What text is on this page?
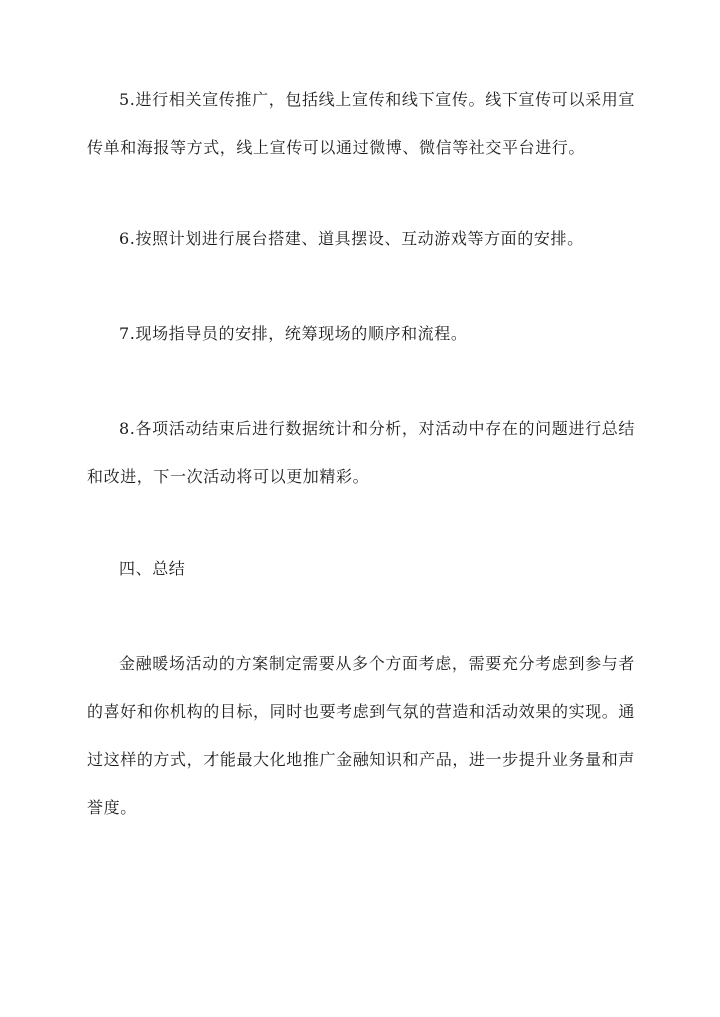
5.进行相关宣传推广，包括线上宣传和线下宣传。线下宣传可以采用宣传单和海报等方式，线上宣传可以通过微博、微信等社交平台进行。

6.按照计划进行展台搭建、道具摆设、互动游戏等方面的安排。

7.现场指导员的安排，统筹现场的顺序和流程。

8.各项活动结束后进行数据统计和分析，对活动中存在的问题进行总结和改进，下一次活动将可以更加精彩。

四、总结

金融暖场活动的方案制定需要从多个方面考虑，需要充分考虑到参与者的喜好和你机构的目标，同时也要考虑到气氛的营造和活动效果的实现。通过这样的方式，才能最大化地推广金融知识和产品，进一步提升业务量和声誉度。
